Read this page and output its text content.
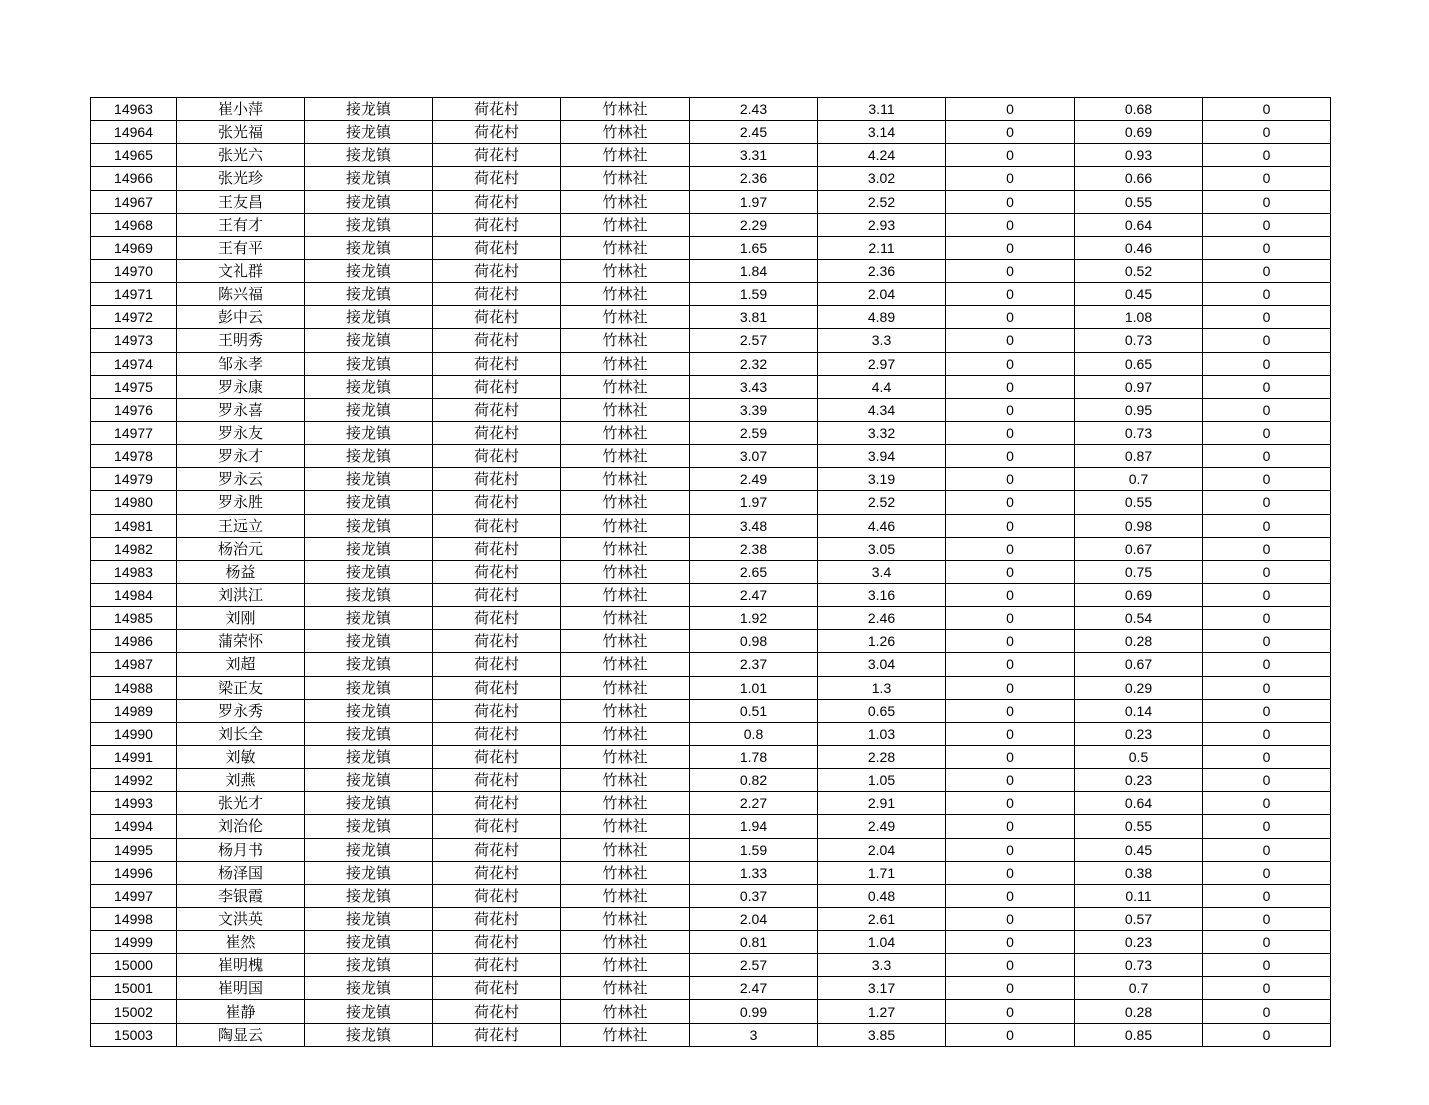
14963	崔小萍	接龙镇	荷花村	竹林社	2.43	3.11	0	0.68	0
14964	张光福	接龙镇	荷花村	竹林社	2.45	3.14	0	0.69	0
14965	张光六	接龙镇	荷花村	竹林社	3.31	4.24	0	0.93	0
14966	张光珍	接龙镇	荷花村	竹林社	2.36	3.02	0	0.66	0
14967	王友昌	接龙镇	荷花村	竹林社	1.97	2.52	0	0.55	0
14968	王有才	接龙镇	荷花村	竹林社	2.29	2.93	0	0.64	0
14969	王有平	接龙镇	荷花村	竹林社	1.65	2.11	0	0.46	0
14970	文礼群	接龙镇	荷花村	竹林社	1.84	2.36	0	0.52	0
14971	陈兴福	接龙镇	荷花村	竹林社	1.59	2.04	0	0.45	0
14972	彭中云	接龙镇	荷花村	竹林社	3.81	4.89	0	1.08	0
14973	王明秀	接龙镇	荷花村	竹林社	2.57	3.3	0	0.73	0
14974	邹永孝	接龙镇	荷花村	竹林社	2.32	2.97	0	0.65	0
14975	罗永康	接龙镇	荷花村	竹林社	3.43	4.4	0	0.97	0
14976	罗永喜	接龙镇	荷花村	竹林社	3.39	4.34	0	0.95	0
14977	罗永友	接龙镇	荷花村	竹林社	2.59	3.32	0	0.73	0
14978	罗永才	接龙镇	荷花村	竹林社	3.07	3.94	0	0.87	0
14979	罗永云	接龙镇	荷花村	竹林社	2.49	3.19	0	0.7	0
14980	罗永胜	接龙镇	荷花村	竹林社	1.97	2.52	0	0.55	0
14981	王远立	接龙镇	荷花村	竹林社	3.48	4.46	0	0.98	0
14982	杨治元	接龙镇	荷花村	竹林社	2.38	3.05	0	0.67	0
14983	杨益	接龙镇	荷花村	竹林社	2.65	3.4	0	0.75	0
14984	刘洪江	接龙镇	荷花村	竹林社	2.47	3.16	0	0.69	0
14985	刘刚	接龙镇	荷花村	竹林社	1.92	2.46	0	0.54	0
14986	蒲荣怀	接龙镇	荷花村	竹林社	0.98	1.26	0	0.28	0
14987	刘超	接龙镇	荷花村	竹林社	2.37	3.04	0	0.67	0
14988	梁正友	接龙镇	荷花村	竹林社	1.01	1.3	0	0.29	0
14989	罗永秀	接龙镇	荷花村	竹林社	0.51	0.65	0	0.14	0
14990	刘长全	接龙镇	荷花村	竹林社	0.8	1.03	0	0.23	0
14991	刘敏	接龙镇	荷花村	竹林社	1.78	2.28	0	0.5	0
14992	刘燕	接龙镇	荷花村	竹林社	0.82	1.05	0	0.23	0
14993	张光才	接龙镇	荷花村	竹林社	2.27	2.91	0	0.64	0
14994	刘治伦	接龙镇	荷花村	竹林社	1.94	2.49	0	0.55	0
14995	杨月书	接龙镇	荷花村	竹林社	1.59	2.04	0	0.45	0
14996	杨泽国	接龙镇	荷花村	竹林社	1.33	1.71	0	0.38	0
14997	李银霞	接龙镇	荷花村	竹林社	0.37	0.48	0	0.11	0
14998	文洪英	接龙镇	荷花村	竹林社	2.04	2.61	0	0.57	0
14999	崔然	接龙镇	荷花村	竹林社	0.81	1.04	0	0.23	0
15000	崔明槐	接龙镇	荷花村	竹林社	2.57	3.3	0	0.73	0
15001	崔明国	接龙镇	荷花村	竹林社	2.47	3.17	0	0.7	0
15002	崔静	接龙镇	荷花村	竹林社	0.99	1.27	0	0.28	0
15003	陶显云	接龙镇	荷花村	竹林社	3	3.85	0	0.85	0
